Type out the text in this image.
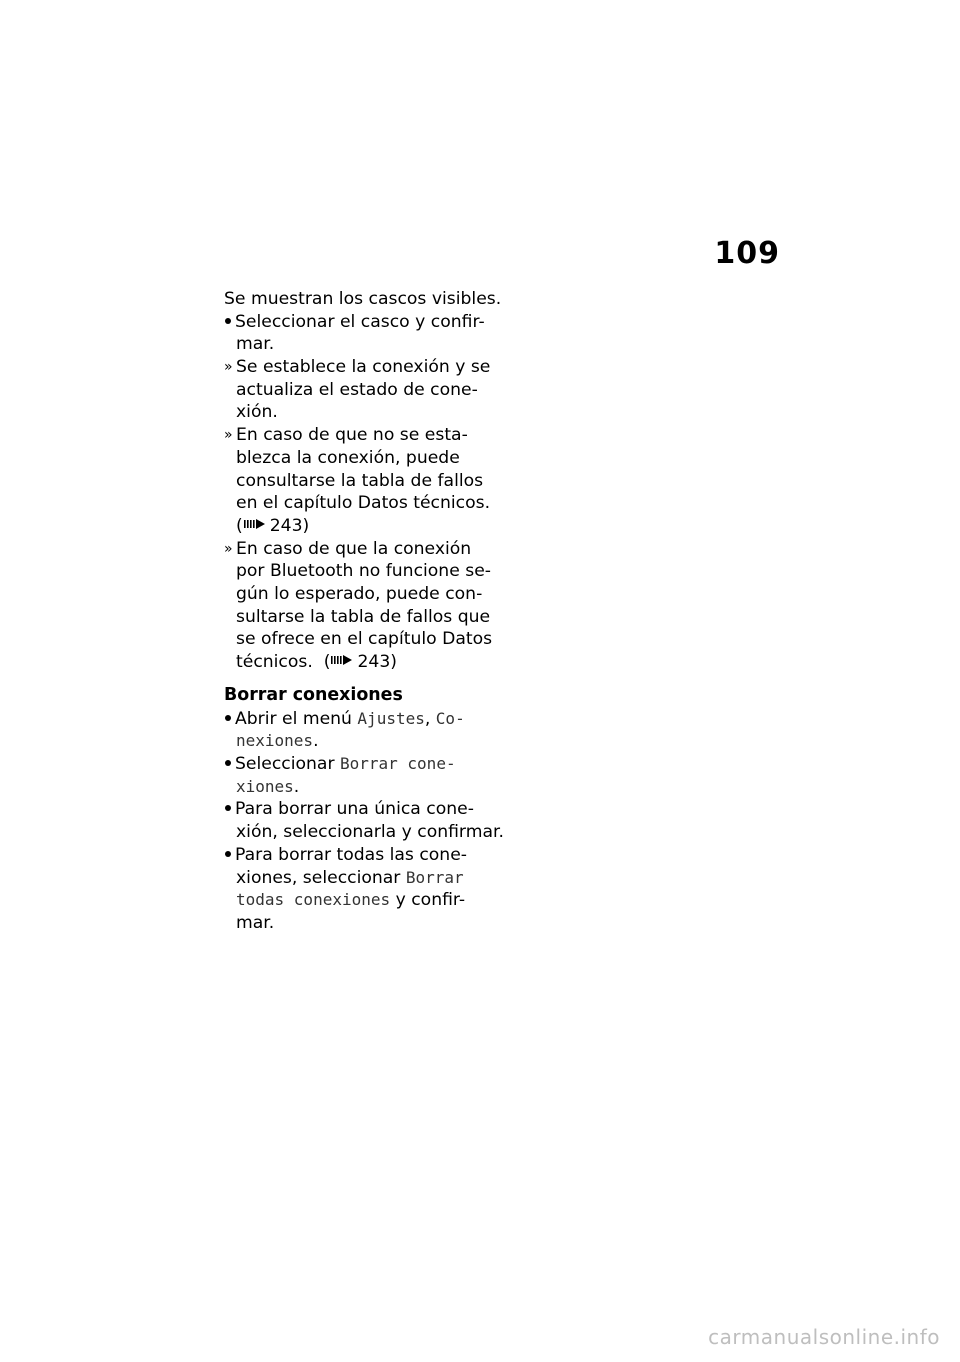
109
Se muestran los cascos visibles.
Seleccionar el casco y confir-
mar.
» Se establece la conexión y se
actualiza el estado de cone-
xión.
» En caso de que no se esta-
blezca la conexión, puede
consultarse la tabla de fallos
en el capítulo Datos técnicos.
( 243)
» En caso de que la conexión
por Bluetooth no funcione se-
gún lo esperado, puede con-
sultarse la tabla de fallos que
se ofrece en el capítulo Datos
técnicos. ( 243)
Borrar conexiones
Abrir el menú Ajustes, Co-
nexiones.
Seleccionar Borrar cone-
xiones.
Para borrar una única cone-
xión, seleccionarla y confirmar.
Para borrar todas las cone-
xiones, seleccionar Borrar
todas conexiones y confir-
mar.
carmanualsonline.info
